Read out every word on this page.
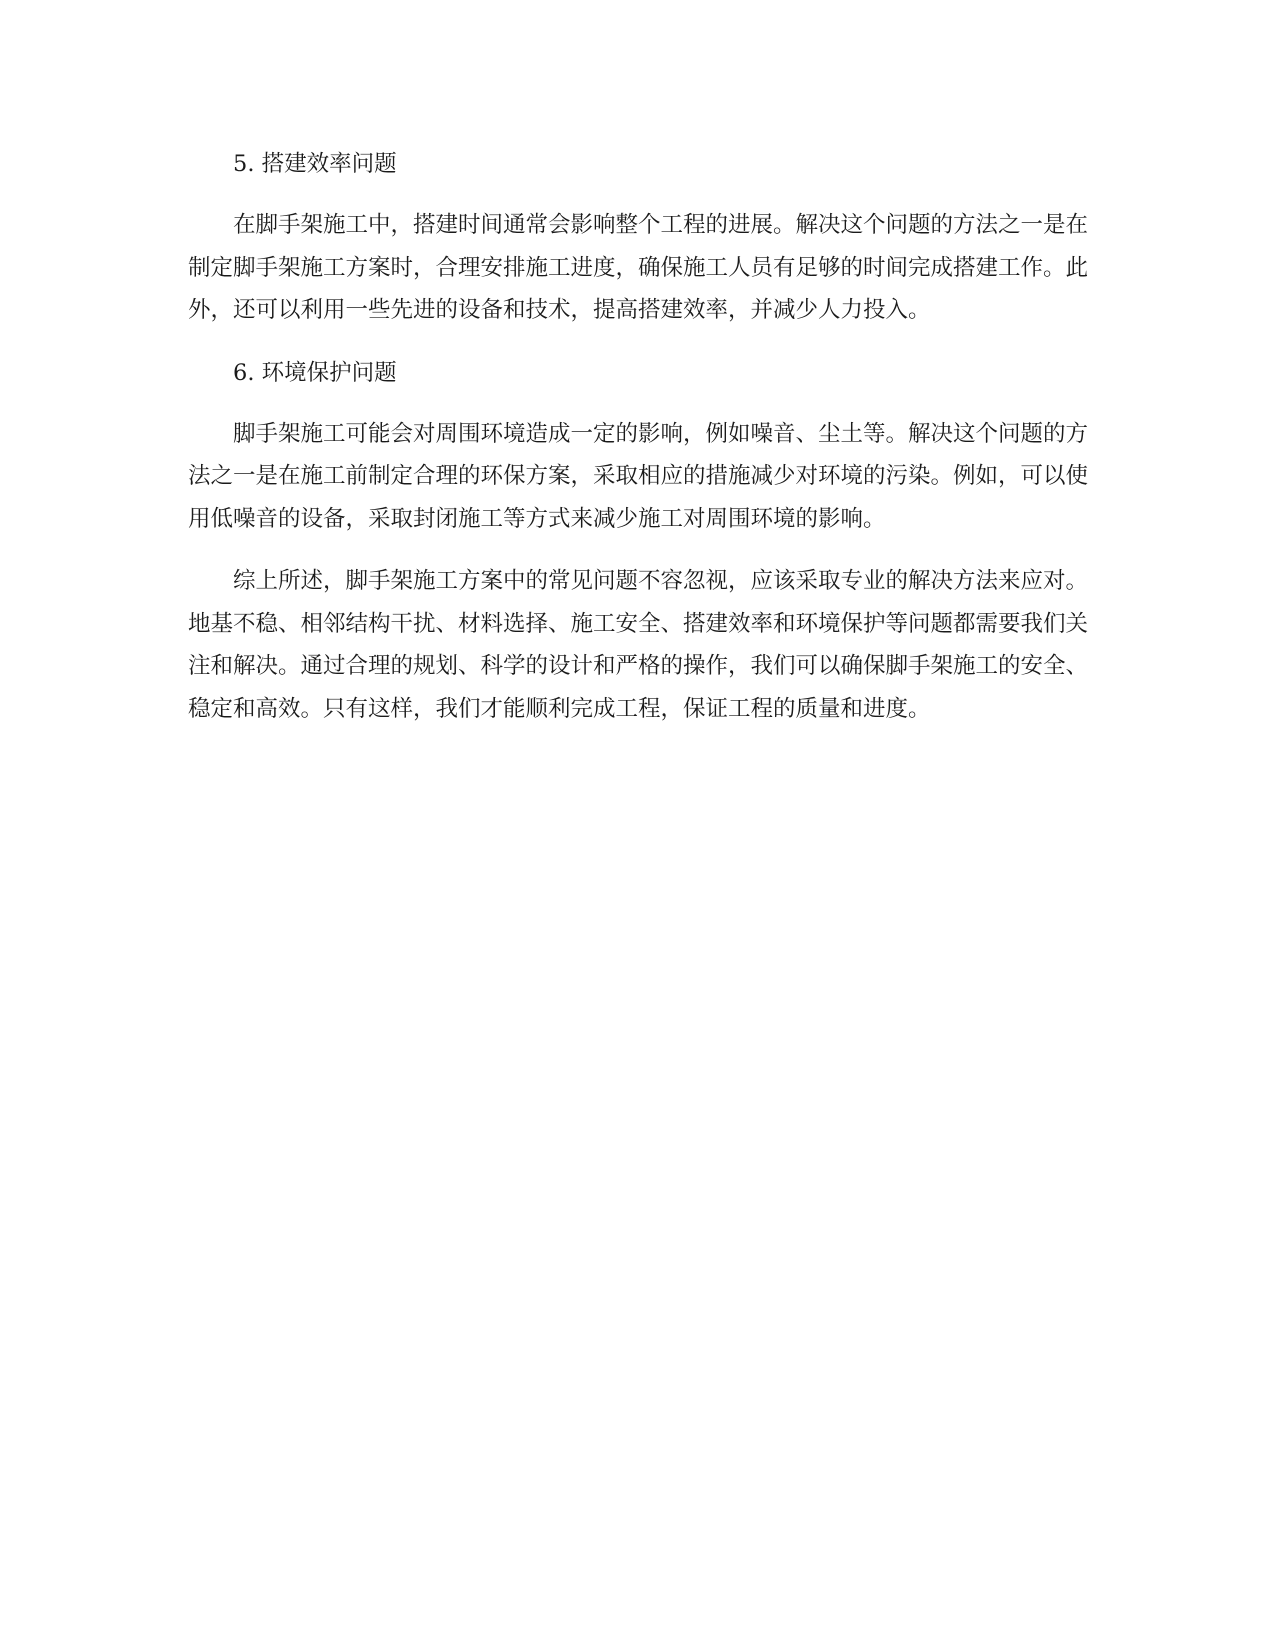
5. 搭建效率问题

在脚手架施工中，搭建时间通常会影响整个工程的进展。解决这个问题的方法之一是在制定脚手架施工方案时，合理安排施工进度，确保施工人员有足够的时间完成搭建工作。此外，还可以利用一些先进的设备和技术，提高搭建效率，并减少人力投入。

6. 环境保护问题

脚手架施工可能会对周围环境造成一定的影响，例如噪音、尘土等。解决这个问题的方法之一是在施工前制定合理的环保方案，采取相应的措施减少对环境的污染。例如，可以使用低噪音的设备，采取封闭施工等方式来减少施工对周围环境的影响。

综上所述，脚手架施工方案中的常见问题不容忽视，应该采取专业的解决方法来应对。地基不稳、相邻结构干扰、材料选择、施工安全、搭建效率和环境保护等问题都需要我们关注和解决。通过合理的规划、科学的设计和严格的操作，我们可以确保脚手架施工的安全、稳定和高效。只有这样，我们才能顺利完成工程，保证工程的质量和进度。
